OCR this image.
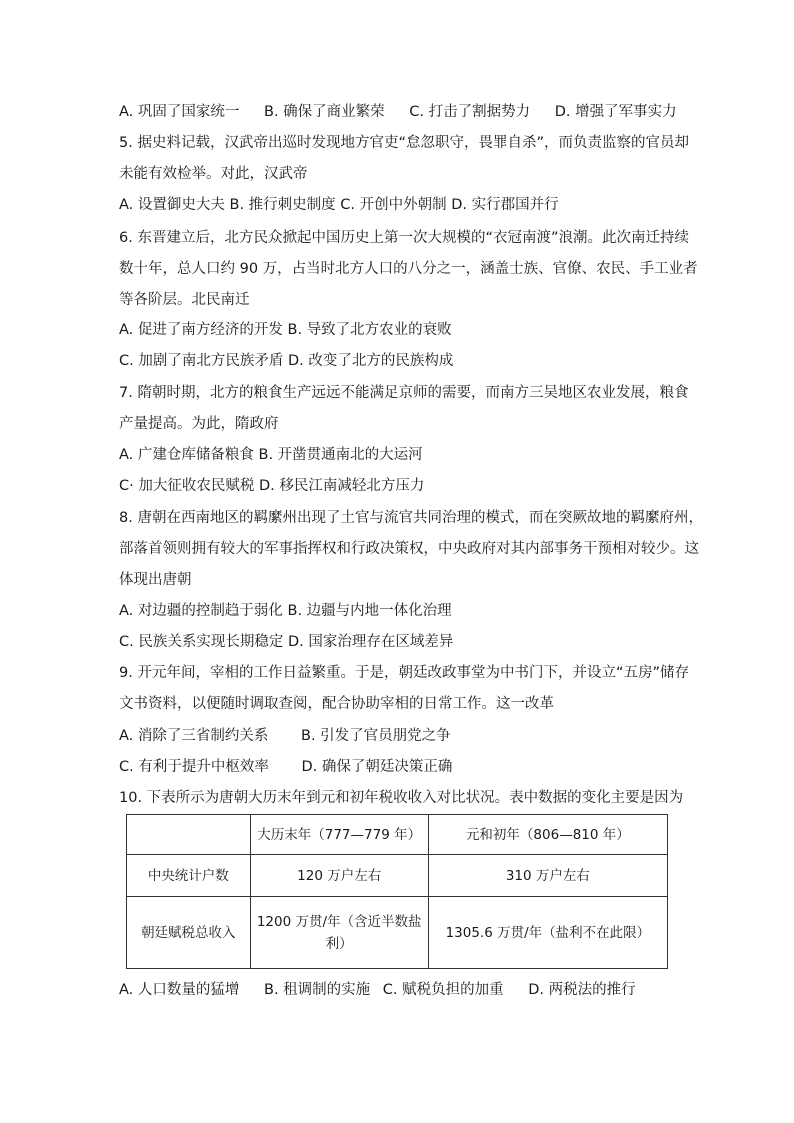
A. 巩固了国家统一 B. 确保了商业繁荣 C. 打击了割据势力 D. 增强了军事实力
5. 据史料记载，汉武帝出巡时发现地方官吏“怠忽职守，畏罪自杀”，而负责监察的官员却
未能有效检举。对此，汉武帝
A. 设置御史大夫 B. 推行刺史制度 C. 开创中外朝制 D. 实行郡国并行
6. 东晋建立后，北方民众掀起中国历史上第一次大规模的“衣冠南渡”浪潮。此次南迁持续
数十年，总人口约 90 万，占当时北方人口的八分之一，涵盖士族、官僚、农民、手工业者
等各阶层。北民南迁
A. 促进了南方经济的开发 B. 导致了北方农业的衰败
C. 加剧了南北方民族矛盾 D. 改变了北方的民族构成
7. 隋朝时期，北方的粮食生产远远不能满足京师的需要，而南方三吴地区农业发展，粮食
产量提高。为此，隋政府
A. 广建仓库储备粮食 B. 开凿贯通南北的大运河
C· 加大征收农民赋税 D. 移民江南减轻北方压力
8. 唐朝在西南地区的羁縻州出现了土官与流官共同治理的模式，而在突厥故地的羁縻府州，
部落首领则拥有较大的军事指挥权和行政决策权，中央政府对其内部事务干预相对较少。这
体现出唐朝
A. 对边疆的控制趋于弱化 B. 边疆与内地一体化治理
C. 民族关系实现长期稳定 D. 国家治理存在区域差异
9. 开元年间，宰相的工作日益繁重。于是，朝廷改政事堂为中书门下，并设立“五房”储存
文书资料，以便随时调取查阅，配合协助宰相的日常工作。这一改革
A. 消除了三省制约关系 B. 引发了官员朋党之争
C. 有利于提升中枢效率 D. 确保了朝廷决策正确
10. 下表所示为唐朝大历末年到元和初年税收收入对比状况。表中数据的变化主要是因为
	大历末年（777—779 年）	元和初年（806—810 年）
中央统计户数	120 万户左右	310 万户左右
朝廷赋税总收入	1200 万贯/年（含近半数盐利）	1305.6 万贯/年（盐利不在此限）
A. 人口数量的猛增 B. 租调制的实施 C. 赋税负担的加重 D. 两税法的推行
